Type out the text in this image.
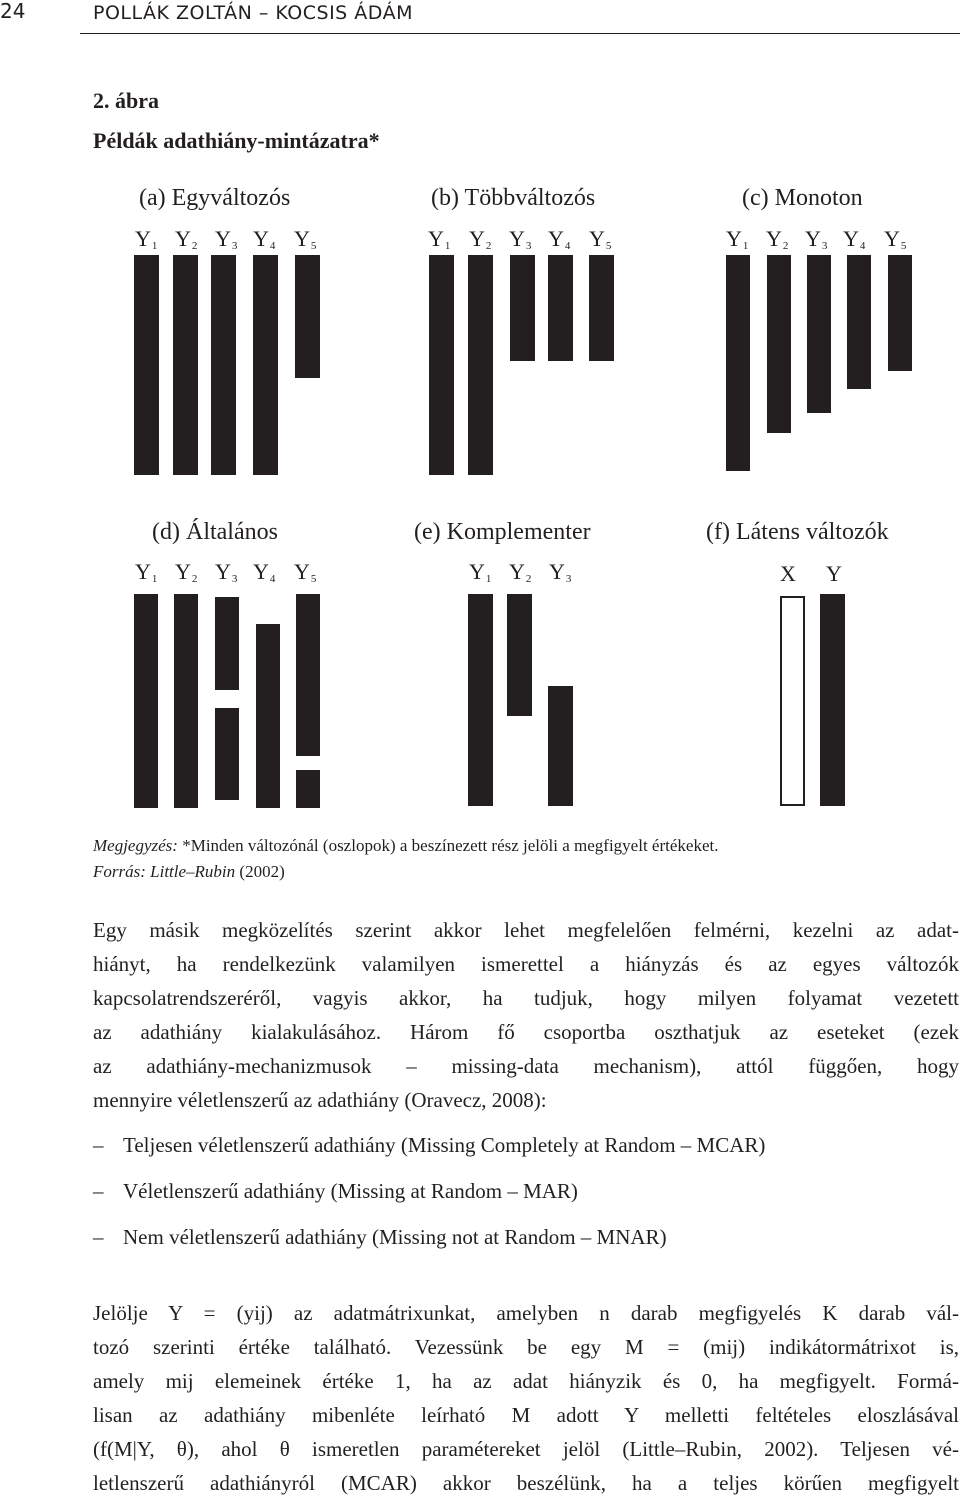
24	POLLÁK ZOLTÁN – KOCSIS ÁDÁM
2. ábra
Példák adathiány-mintázatra*
(a) Egyváltozós
$Y_1$ $Y_2$ $Y_3$ $Y_4$ $Y_5$
(b) Többváltozós
$Y_1$ $Y_2$ $Y_3$ $Y_4$ $Y_5$
(c) Monoton
$Y_1$ $Y_2$ $Y_3$ $Y_4$ $Y_5$
(d) Általános
$Y_1$ $Y_2$ $Y_3$ $Y_4$ $Y_5$
(e) Komplementer
$Y_1$ $Y_2$ $Y_3$
(f) Látens változók
X Y
Megjegyzés: *Minden változónál (oszlopok) a beszínezett rész jelöli a megfigyelt értékeket.
Forrás: Little–Rubin (2002)
Egy másik megközelítés szerint akkor lehet megfelelően felmérni, kezelni az adat-
hiányt, ha rendelkezünk valamilyen ismerettel a hiányzás és az egyes változók
kapcsolatrendszeréről, vagyis akkor, ha tudjuk, hogy milyen folyamat vezetett
az adathiány kialakulásához. Három fő csoportba oszthatjuk az eseteket (ezek
az adathiány-mechanizmusok – missing-data mechanism), attól függően, hogy
mennyire véletlenszerű az adathiány (Oravecz, 2008):
– Teljesen véletlenszerű adathiány (Missing Completely at Random – MCAR)
– Véletlenszerű adathiány (Missing at Random – MAR)
– Nem véletlenszerű adathiány (Missing not at Random – MNAR)
Jelölje Y = (yij) az adatmátrixunkat, amelyben n darab megfigyelés K darab vál-
tozó szerinti értéke található. Vezessünk be egy M = (mij) indikátormátrixot is,
amely mij elemeinek értéke 1, ha az adat hiányzik és 0, ha megfigyelt. Formá-
lisan az adathiány mibenléte leírható M adott Y melletti feltételes eloszlásával
(f(M|Y, θ), ahol θ ismeretlen paramétereket jelöl (Little–Rubin, 2002). Teljesen vé-
letlenszerű adathiányról (MCAR) akkor beszélünk, ha a teljes körűen megfigyelt
